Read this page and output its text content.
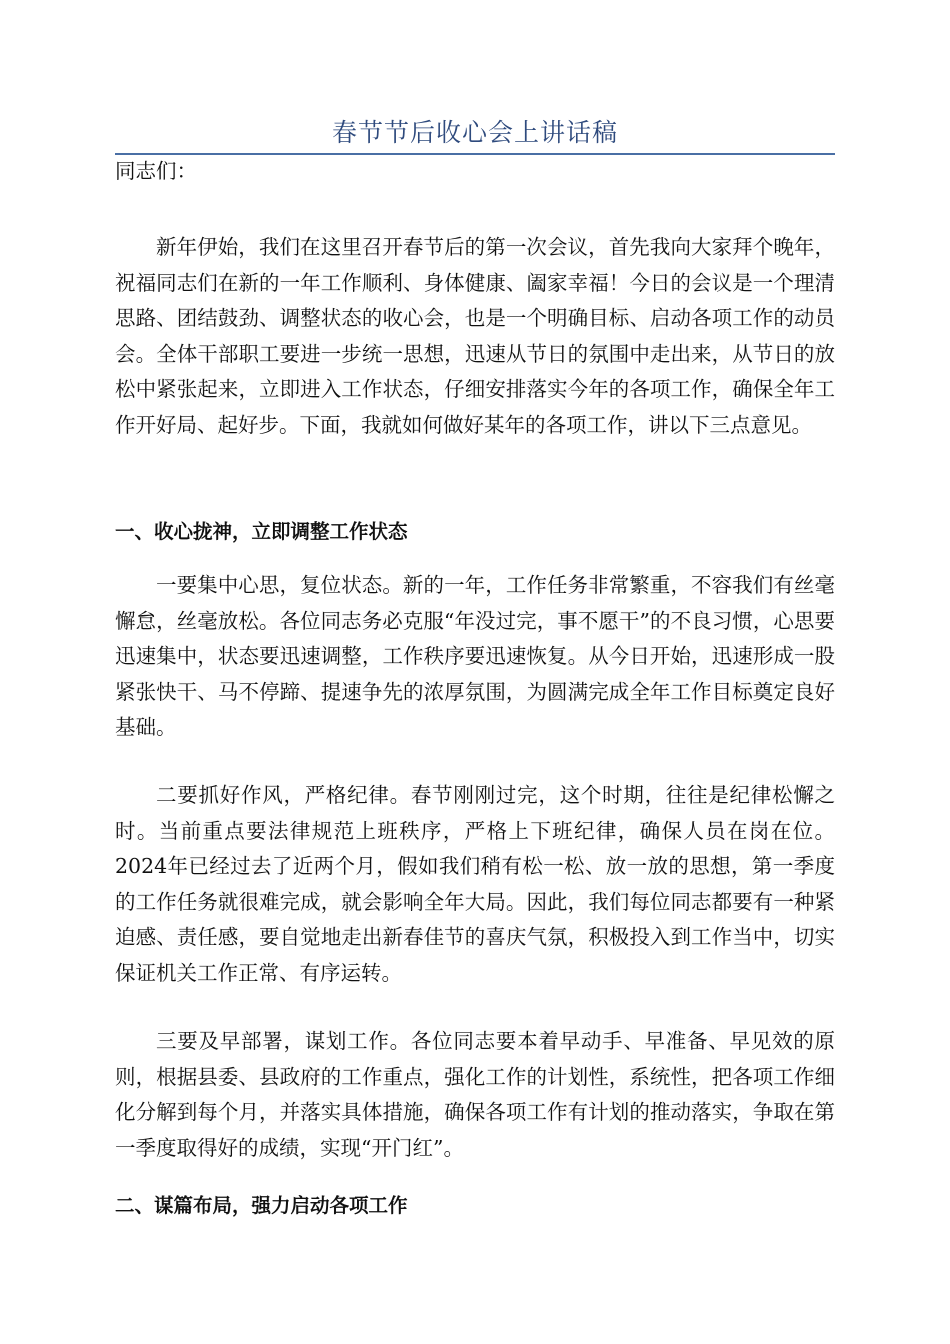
春节节后收心会上讲话稿

同志们：

新年伊始，我们在这里召开春节后的第一次会议，首先我向大家拜个晚年，祝福同志们在新的一年工作顺利、身体健康、阖家幸福！今日的会议是一个理清思路、团结鼓劲、调整状态的收心会，也是一个明确目标、启动各项工作的动员会。全体干部职工要进一步统一思想，迅速从节日的氛围中走出来，从节日的放松中紧张起来，立即进入工作状态，仔细安排落实今年的各项工作，确保全年工作开好局、起好步。下面，我就如何做好某年的各项工作，讲以下三点意见。

一、收心拢神，立即调整工作状态

一要集中心思，复位状态。新的一年，工作任务非常繁重，不容我们有丝毫懈怠，丝毫放松。各位同志务必克服“年没过完，事不愿干”的不良习惯，心思要迅速集中，状态要迅速调整，工作秩序要迅速恢复。从今日开始，迅速形成一股紧张快干、马不停蹄、提速争先的浓厚氛围，为圆满完成全年工作目标奠定良好基础。

二要抓好作风，严格纪律。春节刚刚过完，这个时期，往往是纪律松懈之时。当前重点要法律规范上班秩序，严格上下班纪律，确保人员在岗在位。2024年已经过去了近两个月，假如我们稍有松一松、放一放的思想，第一季度的工作任务就很难完成，就会影响全年大局。因此，我们每位同志都要有一种紧迫感、责任感，要自觉地走出新春佳节的喜庆气氛，积极投入到工作当中，切实保证机关工作正常、有序运转。

三要及早部署，谋划工作。各位同志要本着早动手、早准备、早见效的原则，根据县委、县政府的工作重点，强化工作的计划性，系统性，把各项工作细化分解到每个月，并落实具体措施，确保各项工作有计划的推动落实，争取在第一季度取得好的成绩，实现“开门红”。

二、谋篇布局，强力启动各项工作
